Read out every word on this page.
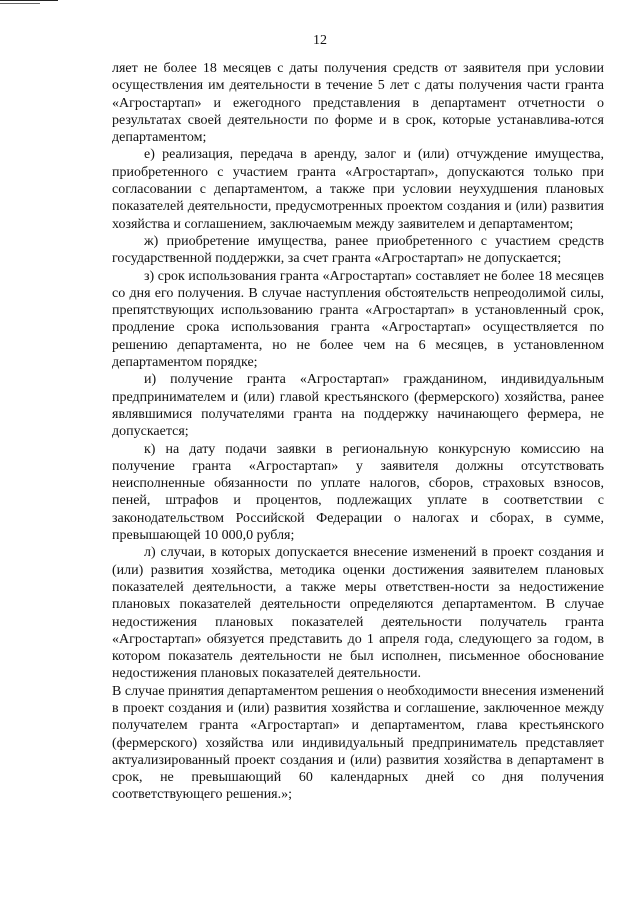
12

ляет не более 18 месяцев с даты получения средств от заявителя при условии осуществления им деятельности в течение 5 лет с даты получения части гранта «Агростартап» и ежегодного представления в департамент отчетности о результатах своей деятельности по форме и в срок, которые устанавлива-ются департаментом;

е) реализация, передача в аренду, залог и (или) отчуждение имущества, приобретенного с участием гранта «Агростартап», допускаются только при согласовании с департаментом, а также при условии неухудшения плановых показателей деятельности, предусмотренных проектом создания и (или) развития хозяйства и соглашением, заключаемым между заявителем и департаментом;

ж) приобретение имущества, ранее приобретенного с участием средств государственной поддержки, за счет гранта «Агростартап» не допускается;

з) срок использования гранта «Агростартап» составляет не более 18 месяцев со дня его получения. В случае наступления обстоятельств непреодолимой силы, препятствующих использованию гранта «Агростартап» в установленный срок, продление срока использования гранта «Агростартап» осуществляется по решению департамента, но не более чем на 6 месяцев, в установленном департаментом порядке;

и) получение гранта «Агростартап» гражданином, индивидуальным предпринимателем и (или) главой крестьянского (фермерского) хозяйства, ранее являвшимися получателями гранта на поддержку начинающего фермера, не допускается;

к) на дату подачи заявки в региональную конкурсную комиссию на получение гранта «Агростартап» у заявителя должны отсутствовать неисполненные обязанности по уплате налогов, сборов, страховых взносов, пеней, штрафов и процентов, подлежащих уплате в соответствии с законодательством Российской Федерации о налогах и сборах, в сумме, превышающей 10 000,0 рубля;

л) случаи, в которых допускается внесение изменений в проект создания и (или) развития хозяйства, методика оценки достижения заявителем плановых показателей деятельности, а также меры ответствен-ности за недостижение плановых показателей деятельности определяются департаментом. В случае недостижения плановых показателей деятельности получатель гранта «Агростартап» обязуется представить до 1 апреля года, следующего за годом, в котором показатель деятельности не был исполнен, письменное обоснование недостижения плановых показателей деятельности.

В случае принятия департаментом решения о необходимости внесения изменений в проект создания и (или) развития хозяйства и соглашение, заключенное между получателем гранта «Агростартап» и департаментом, глава крестьянского (фермерского) хозяйства или индивидуальный предприниматель представляет актуализированный проект создания и (или) развития хозяйства в департамент в срок, не превышающий 60 календарных дней со дня получения соответствующего решения.»;
